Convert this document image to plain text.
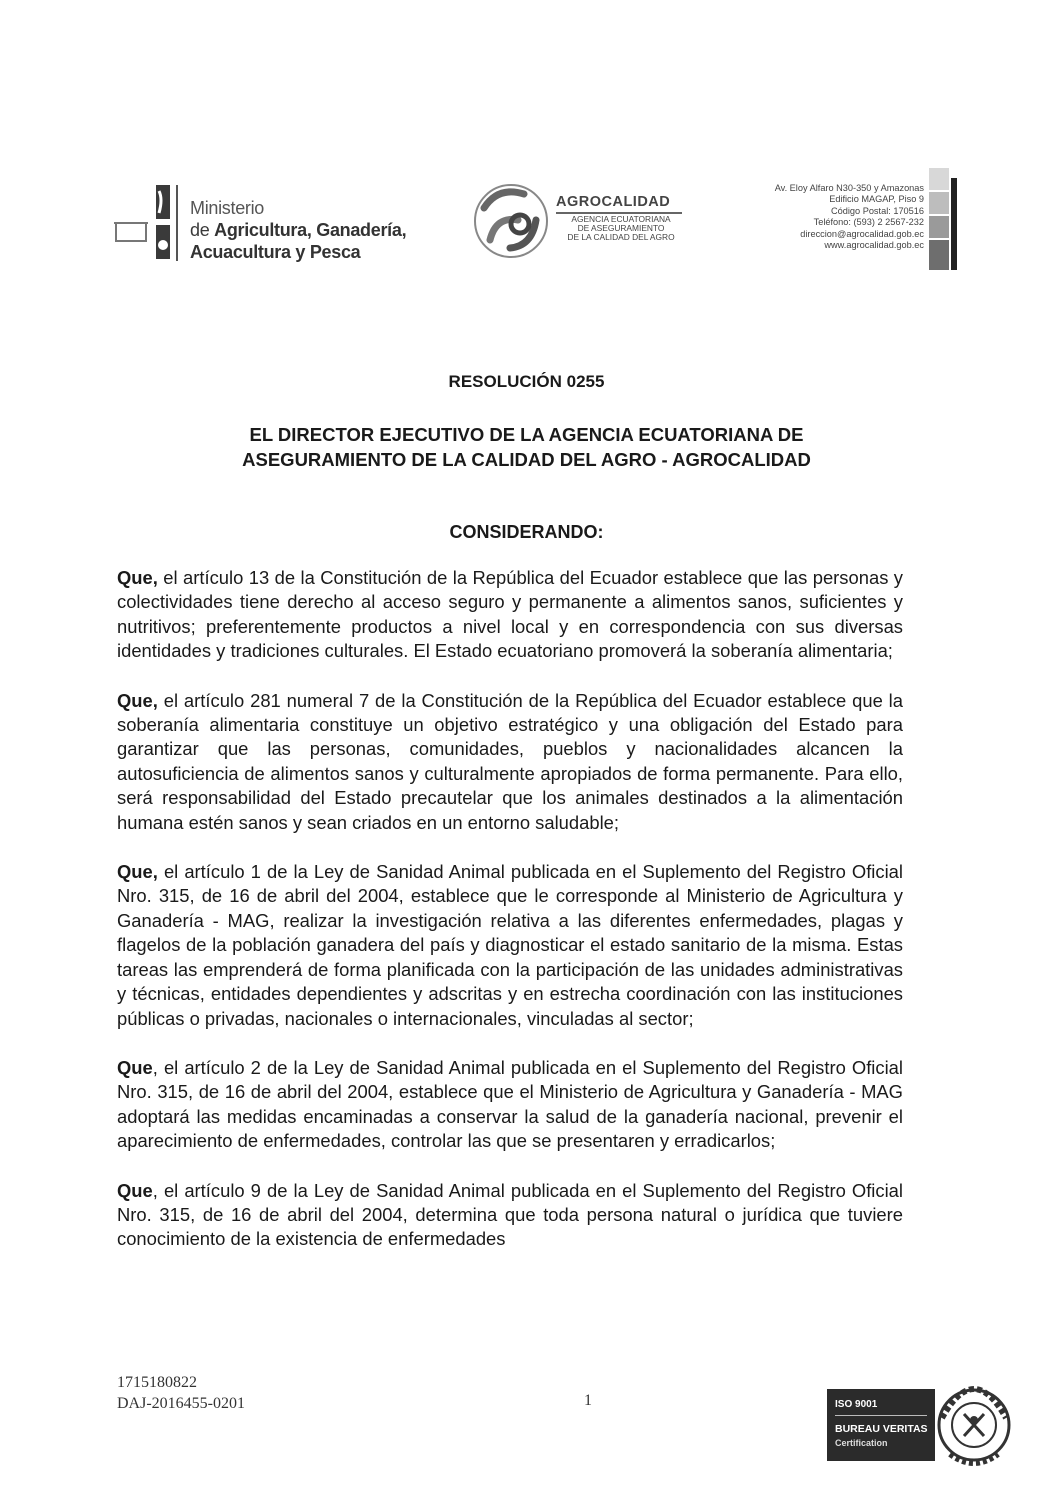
Ministerio
de Agricultura, Ganadería,
Acuacultura y Pesca
AGROCALIDAD
AGENCIA ECUATORIANA
DE ASEGURAMIENTO
DE LA CALIDAD DEL AGRO
Av. Eloy Alfaro N30-350 y Amazonas
Edificio MAGAP, Piso 9
Código Postal: 170516
Teléfono: (593) 2 2567-232
direccion@agrocalidad.gob.ec
www.agrocalidad.gob.ec
RESOLUCIÓN 0255
EL DIRECTOR EJECUTIVO DE LA AGENCIA ECUATORIANA DE
ASEGURAMIENTO DE LA CALIDAD DEL AGRO - AGROCALIDAD
CONSIDERANDO:

Que, el artículo 13 de la Constitución de la República del Ecuador establece que las personas y colectividades tiene derecho al acceso seguro y permanente a alimentos sanos, suficientes y nutritivos; preferentemente productos a nivel local y en correspondencia con sus diversas identidades y tradiciones culturales. El Estado ecuatoriano promoverá la soberanía alimentaria;

Que, el artículo 281 numeral 7 de la Constitución de la República del Ecuador establece que la soberanía alimentaria constituye un objetivo estratégico y una obligación del Estado para garantizar que las personas, comunidades, pueblos y nacionalidades alcancen la autosuficiencia de alimentos sanos y culturalmente apropiados de forma permanente. Para ello, será responsabilidad del Estado precautelar que los animales destinados a la alimentación humana estén sanos y sean criados en un entorno saludable;

Que, el artículo 1 de la Ley de Sanidad Animal publicada en el Suplemento del Registro Oficial Nro. 315, de 16 de abril del 2004, establece que le corresponde al Ministerio de Agricultura y Ganadería - MAG, realizar la investigación relativa a las diferentes enfermedades, plagas y flagelos de la población ganadera del país y diagnosticar el estado sanitario de la misma. Estas tareas las emprenderá de forma planificada con la participación de las unidades administrativas y técnicas, entidades dependientes y adscritas y en estrecha coordinación con las instituciones públicas o privadas, nacionales o internacionales, vinculadas al sector;

Que, el artículo 2 de la Ley de Sanidad Animal publicada en el Suplemento del Registro Oficial Nro. 315, de 16 de abril del 2004, establece que el Ministerio de Agricultura y Ganadería - MAG adoptará las medidas encaminadas a conservar la salud de la ganadería nacional, prevenir el aparecimiento de enfermedades, controlar las que se presentaren y erradicarlos;

Que, el artículo 9 de la Ley de Sanidad Animal publicada en el Suplemento del Registro Oficial Nro. 315, de 16 de abril del 2004, determina que toda persona natural o jurídica que tuviere conocimiento de la existencia de enfermedades

1715180822
DAJ-2016455-0201	1	ISO 9001
BUREAU VERITAS
Certification
